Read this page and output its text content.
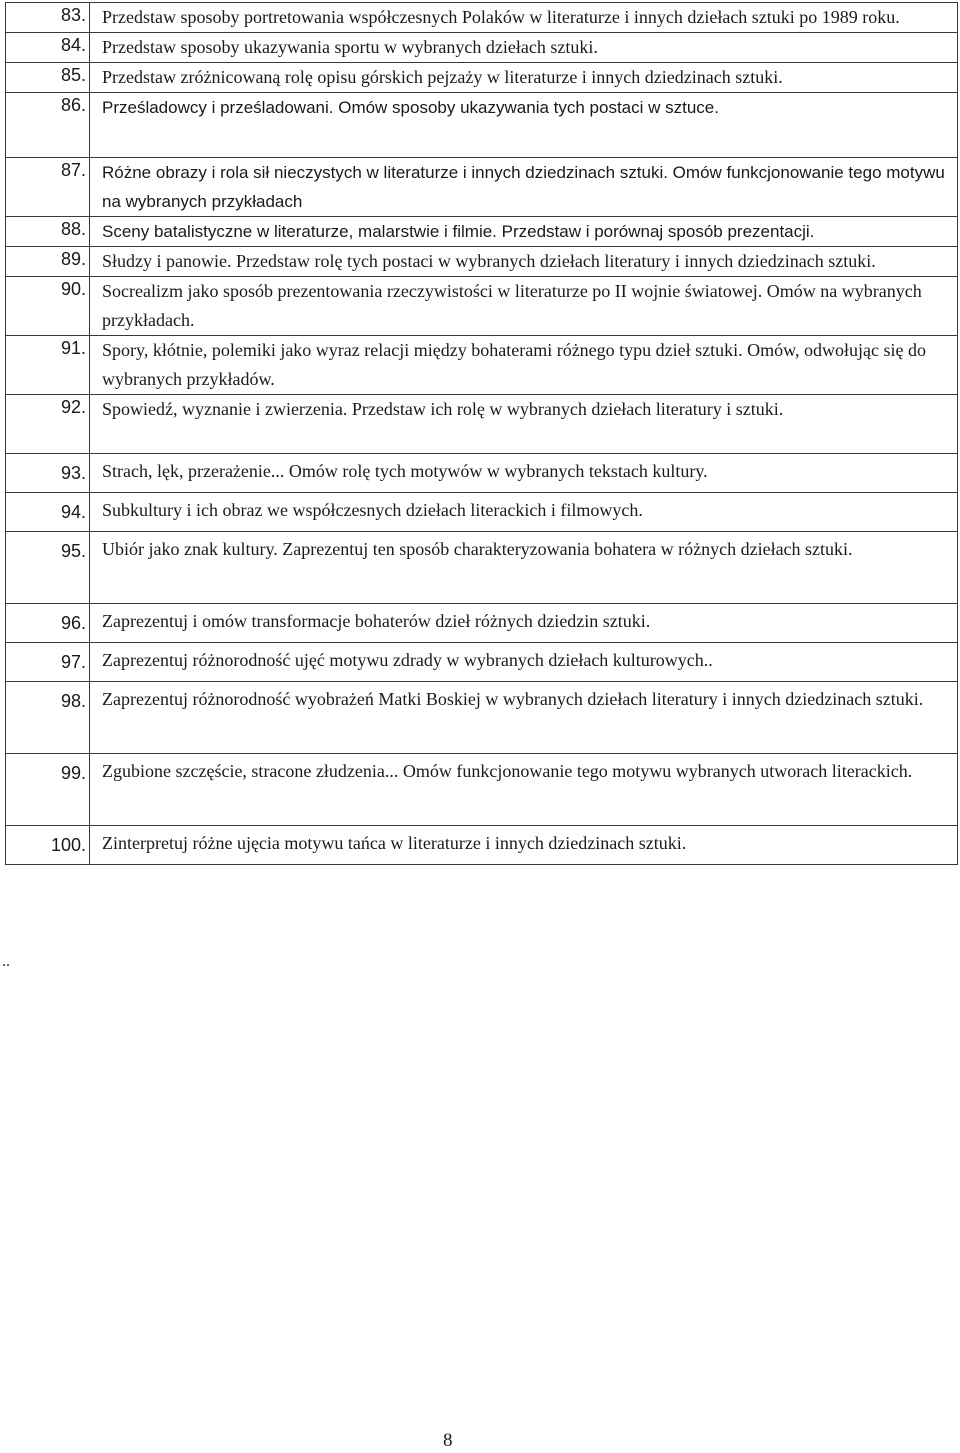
83.	Przedstaw sposoby portretowania współczesnych Polaków w literaturze i innych dziełach sztuki po 1989 roku.
84.	Przedstaw sposoby ukazywania sportu w wybranych dziełach sztuki.
85.	Przedstaw zróżnicowaną rolę opisu górskich pejzaży w literaturze i innych dziedzinach sztuki.
86.	Prześladowcy i prześladowani. Omów sposoby ukazywania tych postaci w sztuce.
87.	Różne obrazy i rola sił nieczystych w literaturze i innych dziedzinach sztuki. Omów funkcjonowanie tego motywu na wybranych przykładach
88.	Sceny batalistyczne w literaturze, malarstwie i filmie. Przedstaw i porównaj sposób prezentacji.
89.	Słudzy i panowie. Przedstaw rolę tych postaci w wybranych dziełach literatury i innych dziedzinach sztuki.
90.	Socrealizm jako sposób prezentowania rzeczywistości w literaturze po II wojnie światowej. Omów na wybranych przykładach.
91.	Spory, kłótnie, polemiki jako wyraz relacji między bohaterami różnego typu dzieł sztuki. Omów, odwołując się do wybranych przykładów.
92.	Spowiedź, wyznanie i zwierzenia. Przedstaw ich rolę w wybranych dziełach literatury i sztuki.
93.	Strach, lęk, przerażenie... Omów rolę tych motywów w wybranych tekstach kultury.
94.	Subkultury i ich obraz we współczesnych dziełach literackich i filmowych.
95.	Ubiór jako znak kultury. Zaprezentuj ten sposób charakteryzowania bohatera w różnych dziełach sztuki.
96.	Zaprezentuj i omów transformacje bohaterów dzieł różnych dziedzin sztuki.
97.	Zaprezentuj różnorodność ujęć motywu zdrady w wybranych dziełach kulturowych..
98.	Zaprezentuj różnorodność wyobrażeń Matki Boskiej w wybranych dziełach literatury i innych dziedzinach sztuki.
99.	Zgubione szczęście, stracone złudzenia... Omów funkcjonowanie tego motywu wybranych utworach literackich.
100.	Zinterpretuj różne ujęcia motywu tańca w literaturze i innych dziedzinach sztuki.
..
8
